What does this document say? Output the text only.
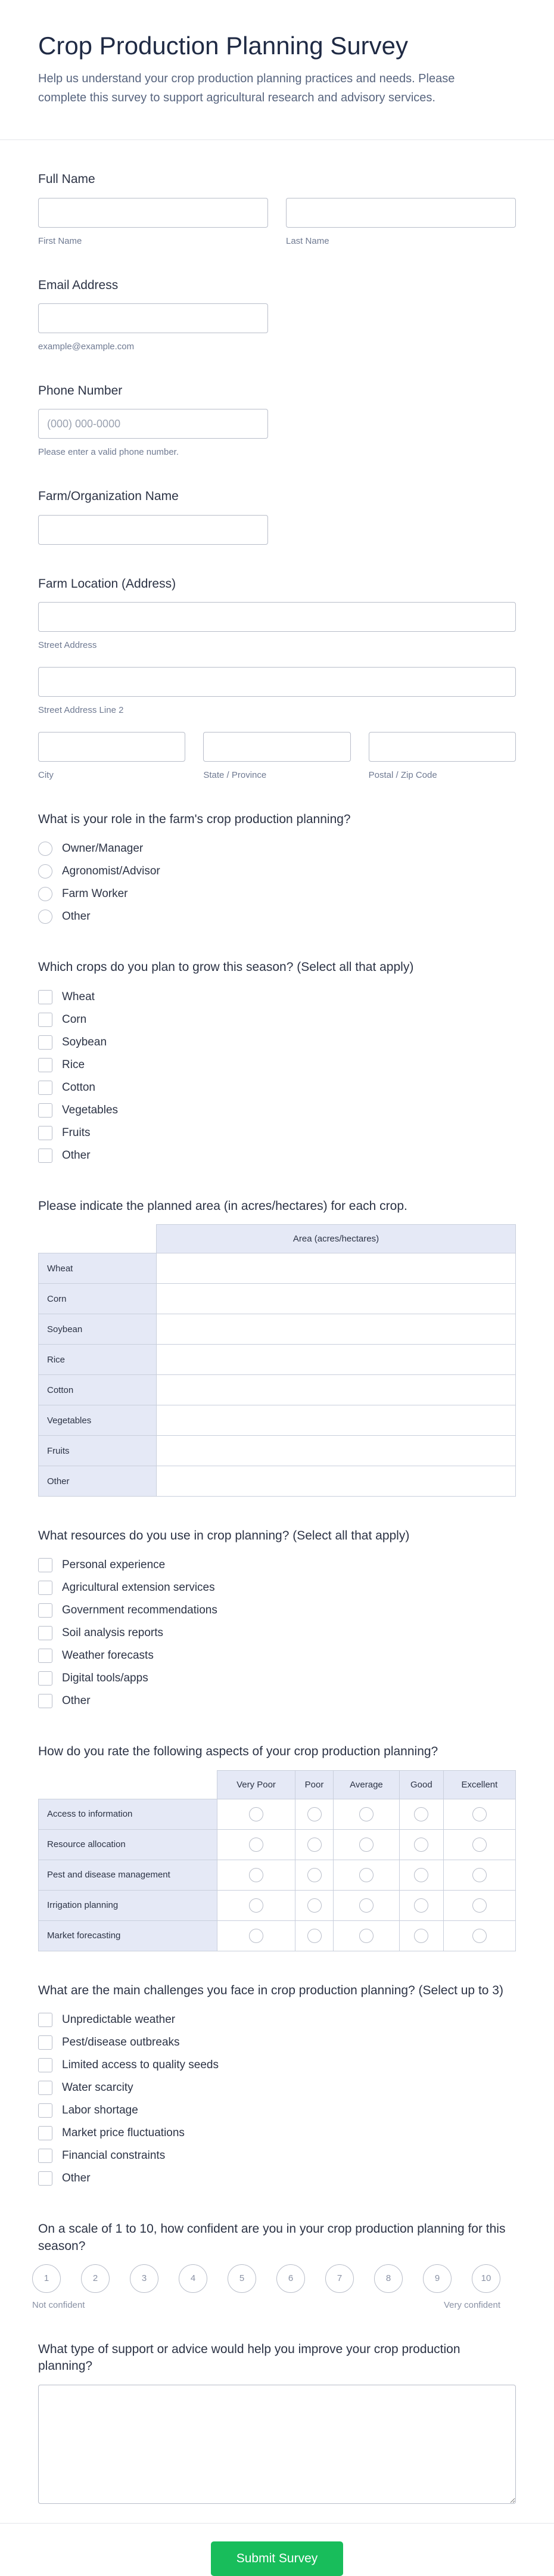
Crop Production Planning Survey

Help us understand your crop production planning practices and needs. Please complete this survey to support agricultural research and advisory services.

Full Name
First Name	Last Name
Email Address
example@example.com
Phone Number
(000) 000-0000
Please enter a valid phone number.
Farm/Organization Name
Farm Location (Address)
Street Address
Street Address Line 2
City	State / Province	Postal / Zip Code
What is your role in the farm's crop production planning?
Owner/Manager
Agronomist/Advisor
Farm Worker
Other
Which crops do you plan to grow this season? (Select all that apply)
Wheat
Corn
Soybean
Rice
Cotton
Vegetables
Fruits
Other
Please indicate the planned area (in acres/hectares) for each crop.
	Area (acres/hectares)
Wheat	
Corn	
Soybean	
Rice	
Cotton	
Vegetables	
Fruits	
Other	
What resources do you use in crop planning? (Select all that apply)
Personal experience
Agricultural extension services
Government recommendations
Soil analysis reports
Weather forecasts
Digital tools/apps
Other
How do you rate the following aspects of your crop production planning?
	Very Poor	Poor	Average	Good	Excellent
Access to information					
Resource allocation					
Pest and disease management					
Irrigation planning					
Market forecasting					
What are the main challenges you face in crop production planning? (Select up to 3)
Unpredictable weather
Pest/disease outbreaks
Limited access to quality seeds
Water scarcity
Labor shortage
Market price fluctuations
Financial constraints
Other
On a scale of 1 to 10, how confident are you in your crop production planning for this season?
1	2	3	4	5	6	7	8	9	10
Not confident	Very confident
What type of support or advice would help you improve your crop production planning?
Submit Survey
